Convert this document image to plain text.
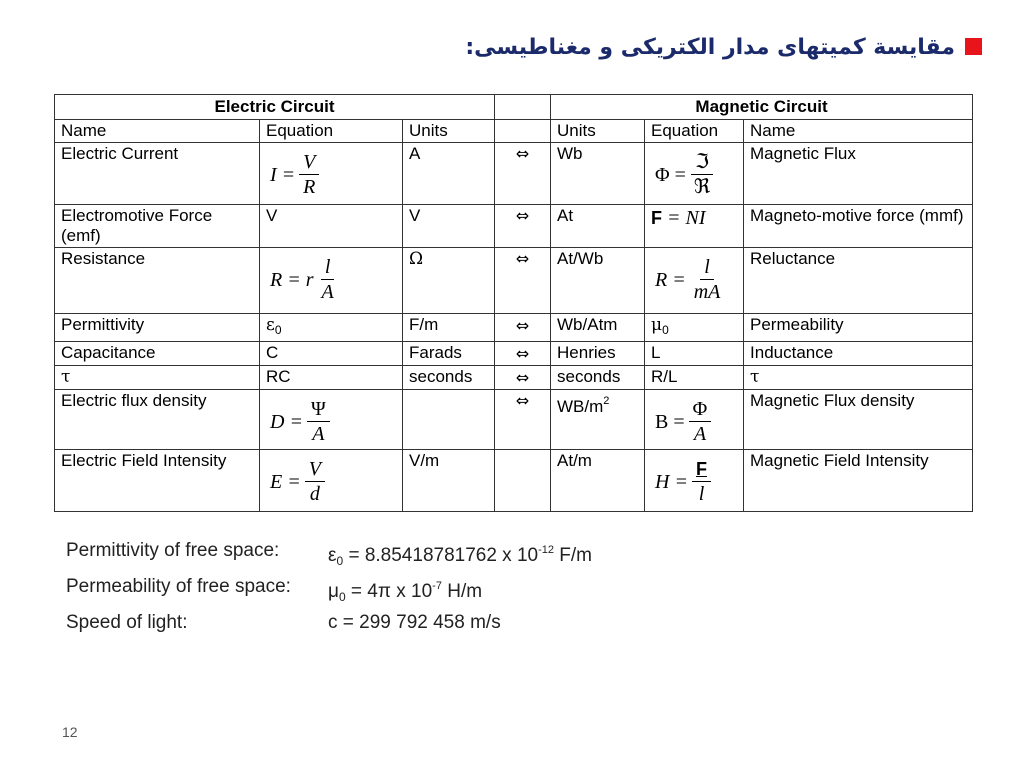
مقایسة کمیتهای مدار الکتریکی و مغناطیسی:
Electric Circuit				Magnetic Circuit		
Name	Equation	Units		Units	Equation	Name
Electric Current	$I = \frac{V}{R}$	A	⇔	Wb	$\Phi = \frac{\text{ℑ}}{\text{ℜ}}$	Magnetic Flux
Electromotive Force (emf)	V	V	⇔	At	F = NI	Magneto-motive force (mmf)
Resistance	R = r $\frac{l}{A}$	Ω	⇔	At/Wb	$R = \frac{l}{mA}$	Reluctance
Permittivity	$\varepsilon_0$	F/m	⇔	Wb/Atm	$\mu_0$	Permeability
Capacitance	C	Farads	⇔	Henries	L	Inductance
τ	RC	seconds	⇔	seconds	R/L	τ
Electric flux density	$D = \frac{\Psi}{A}$		⇔	$WB/m^2$	$B = \frac{\Phi}{A}$	Magnetic Flux density
Electric Field Intensity	$E = \frac{V}{d}$	V/m		At/m	$H = \frac{F}{l}$	Magnetic Field Intensity
Permittivity of free space:	$\varepsilon_0 = 8.85418781762$ x $10^{-12}$ F/m
Permeability of free space:	$\mu_0 = 4\pi$ x $10^{-7}$ H/m
Speed of light:	c = 299 792 458 m/s
12
